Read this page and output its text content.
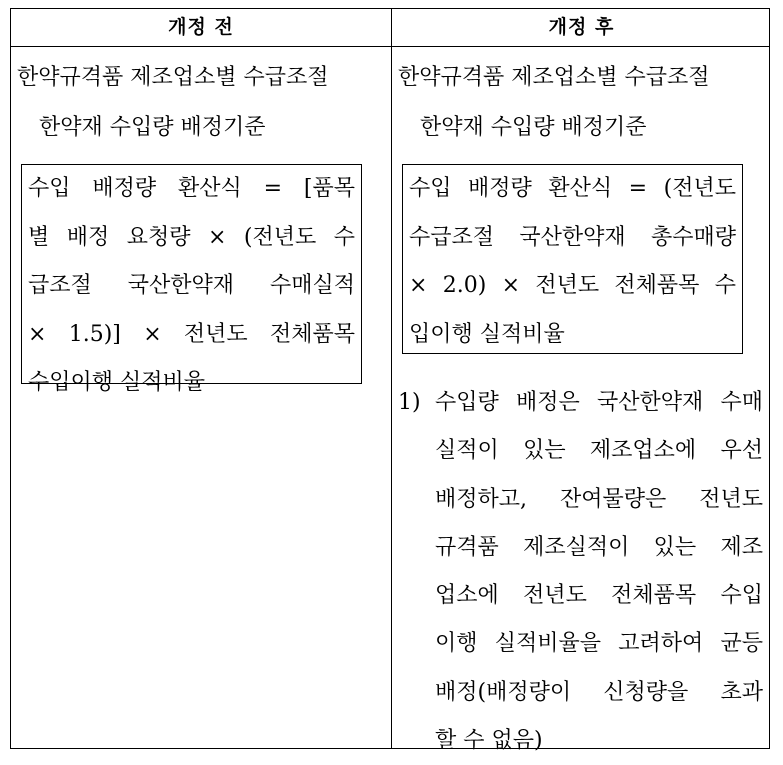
개정 전	개정 후
한약규격품 제조업소별 수급조절
한약재 수입량 배정기준
한약규격품 제조업소별 수급조절
한약재 수입량 배정기준
수입 배정량 환산식 = [품목
별 배정 요청량 × (전년도 수
급조절 국산한약재 수매실적
× 1.5)] × 전년도 전체품목
수입이행 실적비율
수입 배정량 환산식 = (전년도
수급조절 국산한약재 총수매량
× 2.0) × 전년도 전체품목 수
입이행 실적비율
1) 수입량 배정은 국산한약재 수매
실적이 있는 제조업소에 우선
배정하고, 잔여물량은 전년도
규격품 제조실적이 있는 제조
업소에 전년도 전체품목 수입
이행 실적비율을 고려하여 균등
배정(배정량이 신청량을 초과
할 수 없음)
